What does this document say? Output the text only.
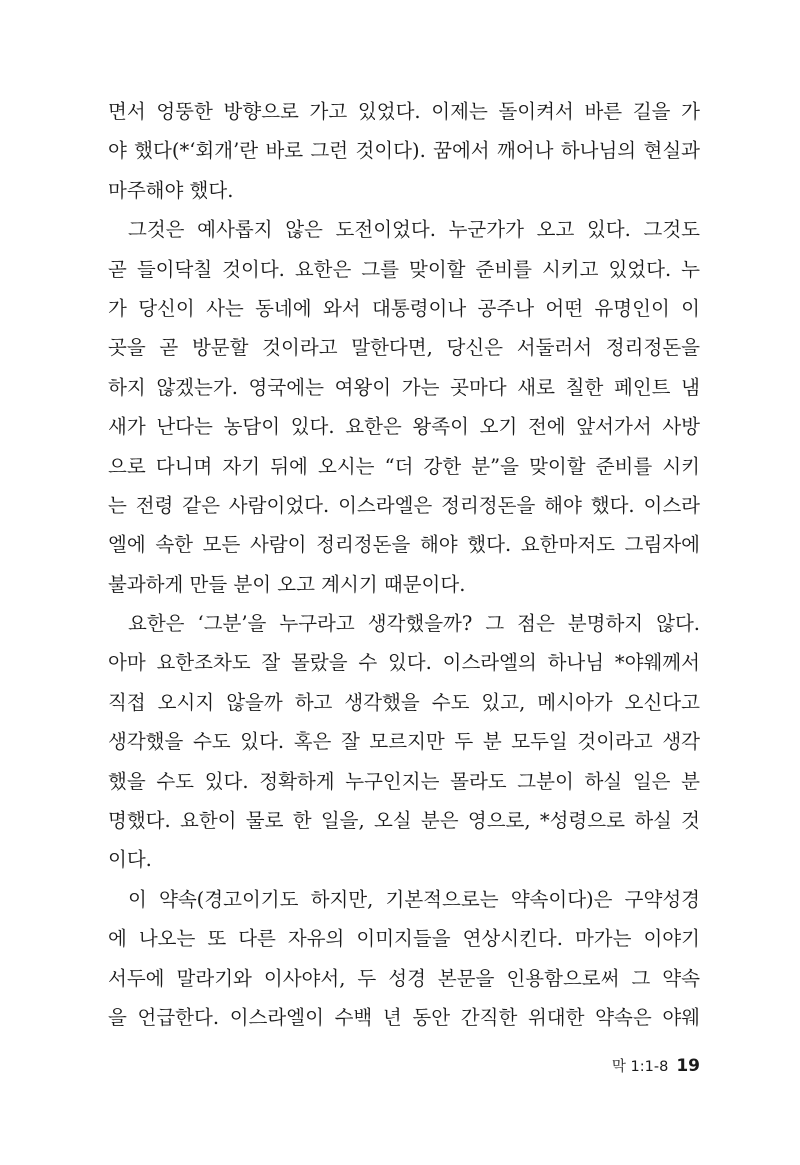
면서 엉뚱한 방향으로 가고 있었다. 이제는 돌이켜서 바른 길을 가
야 했다(*‘회개’란 바로 그런 것이다). 꿈에서 깨어나 하나님의 현실과
마주해야 했다.
그것은 예사롭지 않은 도전이었다. 누군가가 오고 있다. 그것도
곧 들이닥칠 것이다. 요한은 그를 맞이할 준비를 시키고 있었다. 누
가 당신이 사는 동네에 와서 대통령이나 공주나 어떤 유명인이 이
곳을 곧 방문할 것이라고 말한다면, 당신은 서둘러서 정리정돈을
하지 않겠는가. 영국에는 여왕이 가는 곳마다 새로 칠한 페인트 냄
새가 난다는 농담이 있다. 요한은 왕족이 오기 전에 앞서가서 사방
으로 다니며 자기 뒤에 오시는 “더 강한 분”을 맞이할 준비를 시키
는 전령 같은 사람이었다. 이스라엘은 정리정돈을 해야 했다. 이스라
엘에 속한 모든 사람이 정리정돈을 해야 했다. 요한마저도 그림자에
불과하게 만들 분이 오고 계시기 때문이다.
요한은 ‘그분’을 누구라고 생각했을까? 그 점은 분명하지 않다.
아마 요한조차도 잘 몰랐을 수 있다. 이스라엘의 하나님 *야웨께서
직접 오시지 않을까 하고 생각했을 수도 있고, 메시아가 오신다고
생각했을 수도 있다. 혹은 잘 모르지만 두 분 모두일 것이라고 생각
했을 수도 있다. 정확하게 누구인지는 몰라도 그분이 하실 일은 분
명했다. 요한이 물로 한 일을, 오실 분은 영으로, *성령으로 하실 것
이다.
이 약속(경고이기도 하지만, 기본적으로는 약속이다)은 구약성경
에 나오는 또 다른 자유의 이미지들을 연상시킨다. 마가는 이야기
서두에 말라기와 이사야서, 두 성경 본문을 인용함으로써 그 약속
을 언급한다. 이스라엘이 수백 년 동안 간직한 위대한 약속은 야웨
막 1:1-8 19
